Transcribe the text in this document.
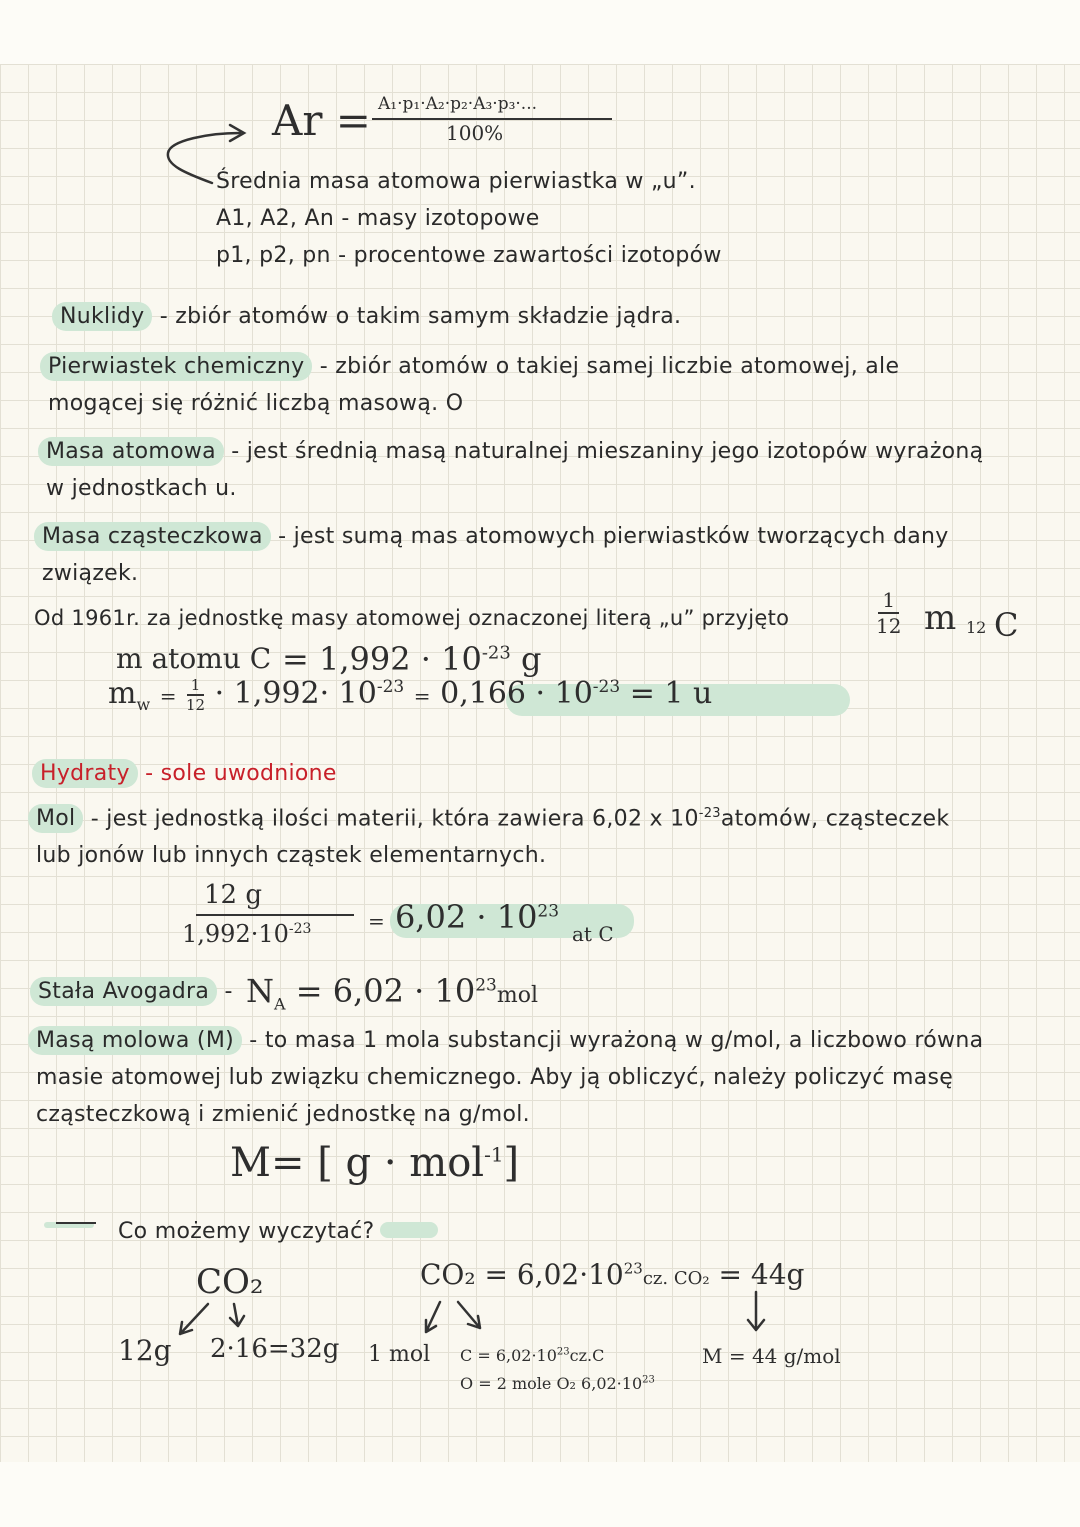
Ar = A₁·p₁·A₂·p₂·A₃·p₃·...
100%
Średnia masa atomowa pierwiastka w „u”.
A1, A2, An - masy izotopowe
p1, p2, pn - procentowe zawartości izotopów
Nuklidy - zbiór atomów o takim samym składzie jądra.
Pierwiastek chemiczny - zbiór atomów o takiej samej liczbie atomowej, ale
mogącej się różnić liczbą masową. O
Masa atomowa - jest średnią masą naturalnej mieszaniny jego izotopów wyrażoną
w jednostkach u.
Masa cząsteczkowa - jest sumą mas atomowych pierwiastków tworzących dany
związek.
Od 1961r. za jednostkę masy atomowej oznaczonej literą „u” przyjęto	$\frac{1}{12}$ m 12 C
m atomu $C = 1,992 \cdot 10^{-23}$ g
$m_w = \frac{1}{12} \cdot 1,992\cdot 10^{-23} = 0,166 \cdot 10^{-23} = 1$ u
Hydraty - sole uwodnione
Mol - jest jednostką ilości materii, która zawiera 6,02 x $10^{-23}atomów$, cząsteczek
lub jonów lub innych cząstek elementarnych.
12 g
$1,992\cdot 10^{-23}$	= $6,02 \cdot 10^{23}$
at C
Stała Avogadra - $N_A = 6,02 \cdot 10^{23}mol$
Masą molowa (M) - to masa 1 mola substancji wyrażoną w g/mol, a liczbowo równa
masie atomowej lub związku chemicznego. Aby ją obliczyć, należy policzyć masę
cząsteczkową i zmienić jednostkę na g/mol.
M= [ g · mol$^{-1}$]
Co możemy wyczytać?
CO₂
12g 2·16=32g
$CO_2 = 6,02\cdot 10^{23}cz$. CO₂ = 44g
1 mol $C = 6,02\cdot 10^{23}cz.C$
O = 2 mole O₂ $6,02\cdot 10^{23}$
M = 44 g/mol
